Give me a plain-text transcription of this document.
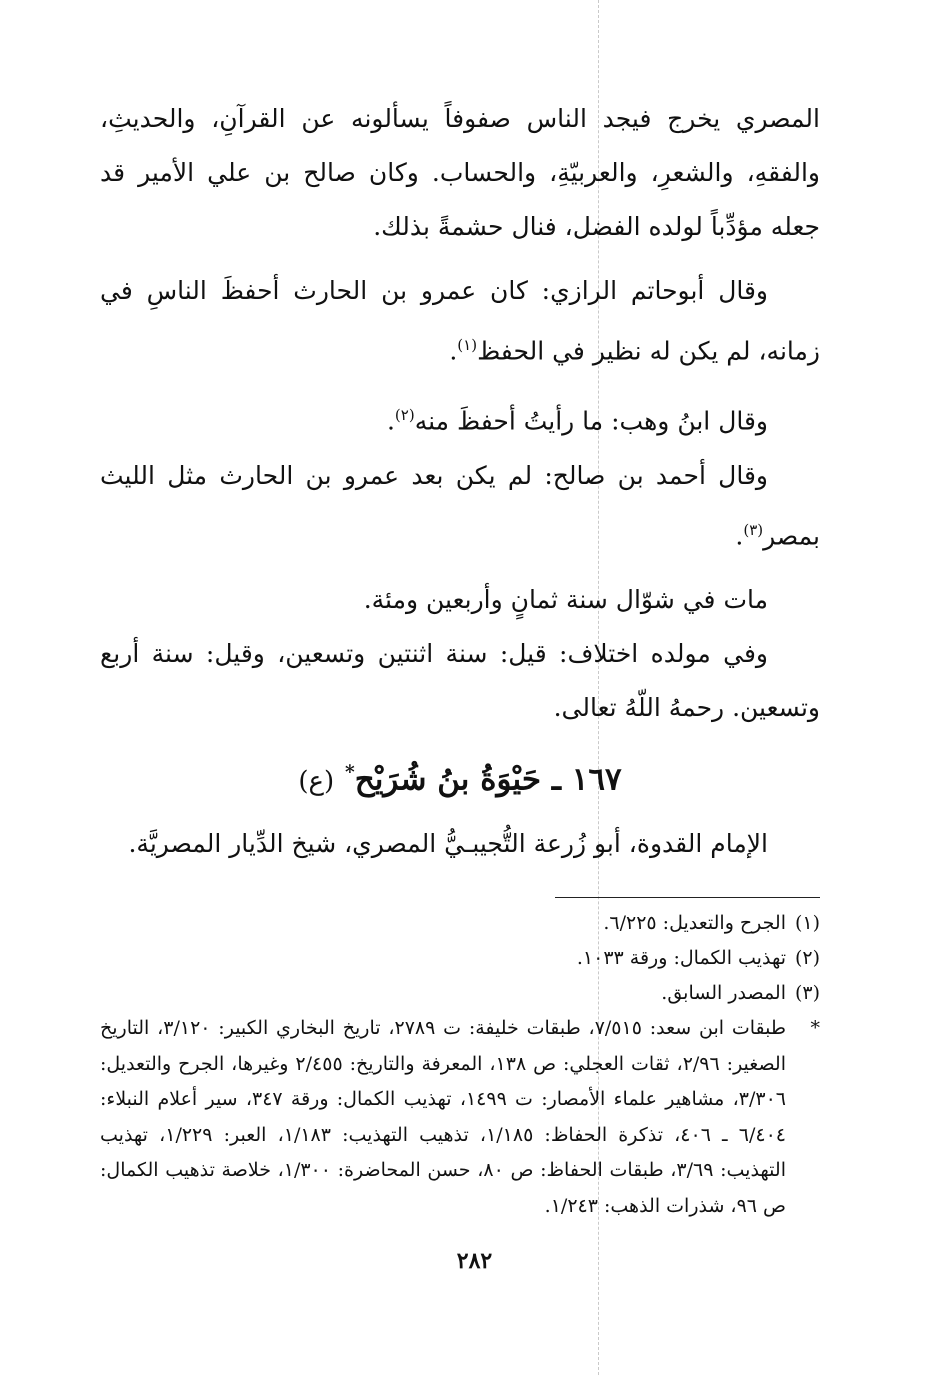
المصري يخرج فيجد الناس صفوفاً يسألونه عن القرآنِ، والحديثِ، والفقهِ، والشعرِ، والعربيّةِ، والحساب. وكان صالح بن علي الأمير قد جعله مؤدِّباً لولده الفضل، فنال حشمةً بذلك.

وقال أبوحاتم الرازي: كان عمرو بن الحارث أحفظَ الناسِ في زمانه، لم يكن له نظير في الحفظ$^{(١)}$.

وقال ابنُ وهب: ما رأيتُ أحفظَ منه$^{(٢)}$.

وقال أحمد بن صالح: لم يكن بعد عمرو بن الحارث مثل الليث بمصر$^{(٣)}$.

مات في شوّال سنة ثمانٍ وأربعين ومئة.

وفي مولده اختلاف: قيل: سنة اثنتين وتسعين، وقيل: سنة أربع وتسعين. رحمهُ اللّهُ تعالى.

١٦٧ ـ حَيْوَةُ بنُ شُرَيْح* (ع)

الإمام القدوة، أبو زُرعة التُّجيبـيُّ المصري، شيخ الدِّيار المصريَّة.

(١)الجرح والتعديل: ٦/٢٢٥.

(٢)تهذيب الكمال: ورقة ١٠٣٣.

(٣)المصدر السابق.

*طبقات ابن سعد: ٧/٥١٥، طبقات خليفة: ت ٢٧٨٩، تاريخ البخاري الكبير: ٣/١٢٠، التاريخ الصغير: ٢/٩٦، ثقات العجلي: ص ١٣٨، المعرفة والتاريخ: ٢/٤٥٥ وغيرها، الجرح والتعديل: ٣/٣٠٦، مشاهير علماء الأمصار: ت ١٤٩٩، تهذيب الكمال: ورقة ٣٤٧، سير أعلام النبلاء: ٦/٤٠٤ ـ ٤٠٦، تذكرة الحفاظ: ١/١٨٥، تذهيب التهذيب: ١/١٨٣، العبر: ١/٢٢٩، تهذيب التهذيب: ٣/٦٩، طبقات الحفاظ: ص ٨٠، حسن المحاضرة: ١/٣٠٠، خلاصة تذهيب الكمال: ص ٩٦، شذرات الذهب: ١/٢٤٣.

٢٨٢
